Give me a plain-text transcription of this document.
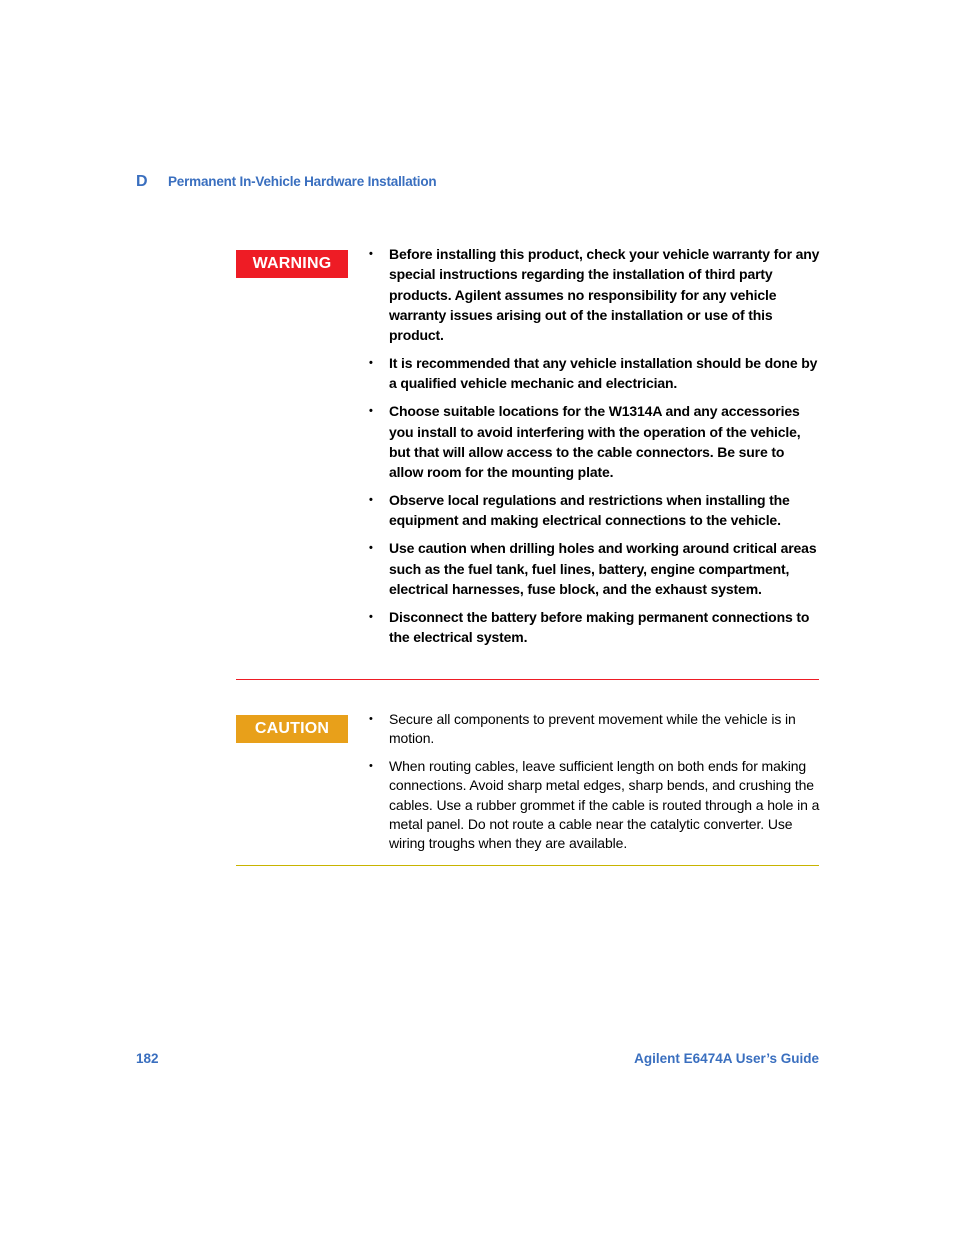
D	Permanent In-Vehicle Hardware Installation
WARNING
• Before installing this product, check your vehicle warranty for any special instructions regarding the installation of third party products. Agilent assumes no responsibility for any vehicle warranty issues arising out of the installation or use of this product.
• It is recommended that any vehicle installation should be done by a qualified vehicle mechanic and electrician.
• Choose suitable locations for the W1314A and any accessories you install to avoid interfering with the operation of the vehicle, but that will allow access to the cable connectors. Be sure to allow room for the mounting plate.
• Observe local regulations and restrictions when installing the equipment and making electrical connections to the vehicle.
• Use caution when drilling holes and working around critical areas such as the fuel tank, fuel lines, battery, engine compartment, electrical harnesses, fuse block, and the exhaust system.
• Disconnect the battery before making permanent connections to the electrical system.
CAUTION
• Secure all components to prevent movement while the vehicle is in motion.
• When routing cables, leave sufficient length on both ends for making connections. Avoid sharp metal edges, sharp bends, and crushing the cables. Use a rubber grommet if the cable is routed through a hole in a metal panel. Do not route a cable near the catalytic converter. Use wiring troughs when they are available.
182	Agilent E6474A User’s Guide
